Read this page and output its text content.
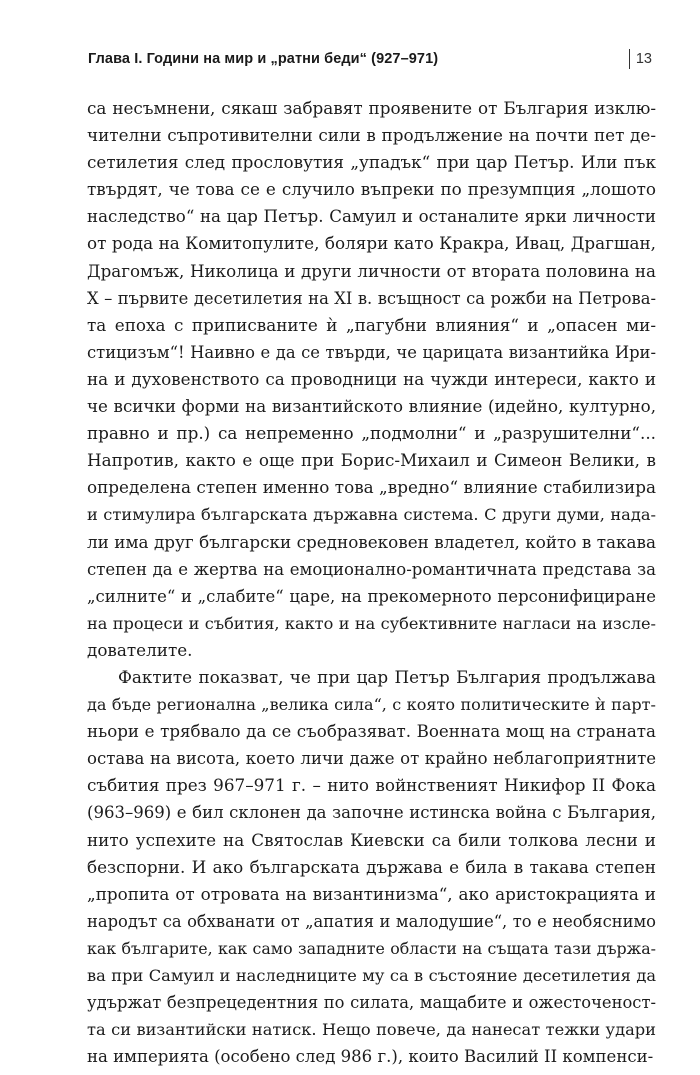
Глава I. Години на мир и „ратни беди“ (927–971)	13
са несъмнени, сякаш забравят проявените от България изклю-
чителни съпротивителни сили в продължение на почти пет де-
сетилетия след прословутия „упадък“ при цар Петър. Или пък
твърдят, че това се е случило въпреки по презумпция „лошото
наследство“ на цар Петър. Самуил и останалите ярки личности
от рода на Комитопулите, боляри като Кракра, Ивац, Драгшан,
Драгомъж, Николица и други личности от втората половина на
Х – първите десетилетия на XI в. всъщност са рожби на Петрова-
та епоха с приписваните ѝ „пагубни влияния“ и „опасен ми-
стицизъм“! Наивно е да се твърди, че царицата византийка Ири-
на и духовенството са проводници на чужди интереси, както и
че всички форми на византийското влияние (идейно, културно,
правно и пр.) са непременно „подмолни“ и „разрушителни“...
Напротив, както е още при Борис-Михаил и Симеон Велики, в
определена степен именно това „вредно“ влияние стабилизира
и стимулира българската държавна система. С други думи, нада-
ли има друг български средновековен владетел, който в такава
степен да е жертва на емоционално-романтичната представа за
„силните“ и „слабите“ царе, на прекомерното персонифициране
на процеси и събития, както и на субективните нагласи на изсле-
дователите.
Фактите показват, че при цар Петър България продължава
да бъде регионална „велика сила“, с която политическите ѝ парт-
ньори е трябвало да се съобразяват. Военната мощ на страната
остава на висота, което личи даже от крайно неблагоприятните
събития през 967–971 г. – нито войнственият Никифор II Фока
(963–969) е бил склонен да започне истинска война с България,
нито успехите на Святослав Киевски са били толкова лесни и
безспорни. И ако българската държава е била в такава степен
„пропита от отровата на византинизма“, ако аристокрацията и
народът са обхванати от „апатия и малодушие“, то е необяснимо
как българите, как само западните области на същата тази държа-
ва при Самуил и наследниците му са в състояние десетилетия да
удържат безпрецедентния по силата, мащабите и ожесточеност-
та си византийски натиск. Нещо повече, да нанесат тежки удари
на империята (особено след 986 г.), които Василий II компенси-
